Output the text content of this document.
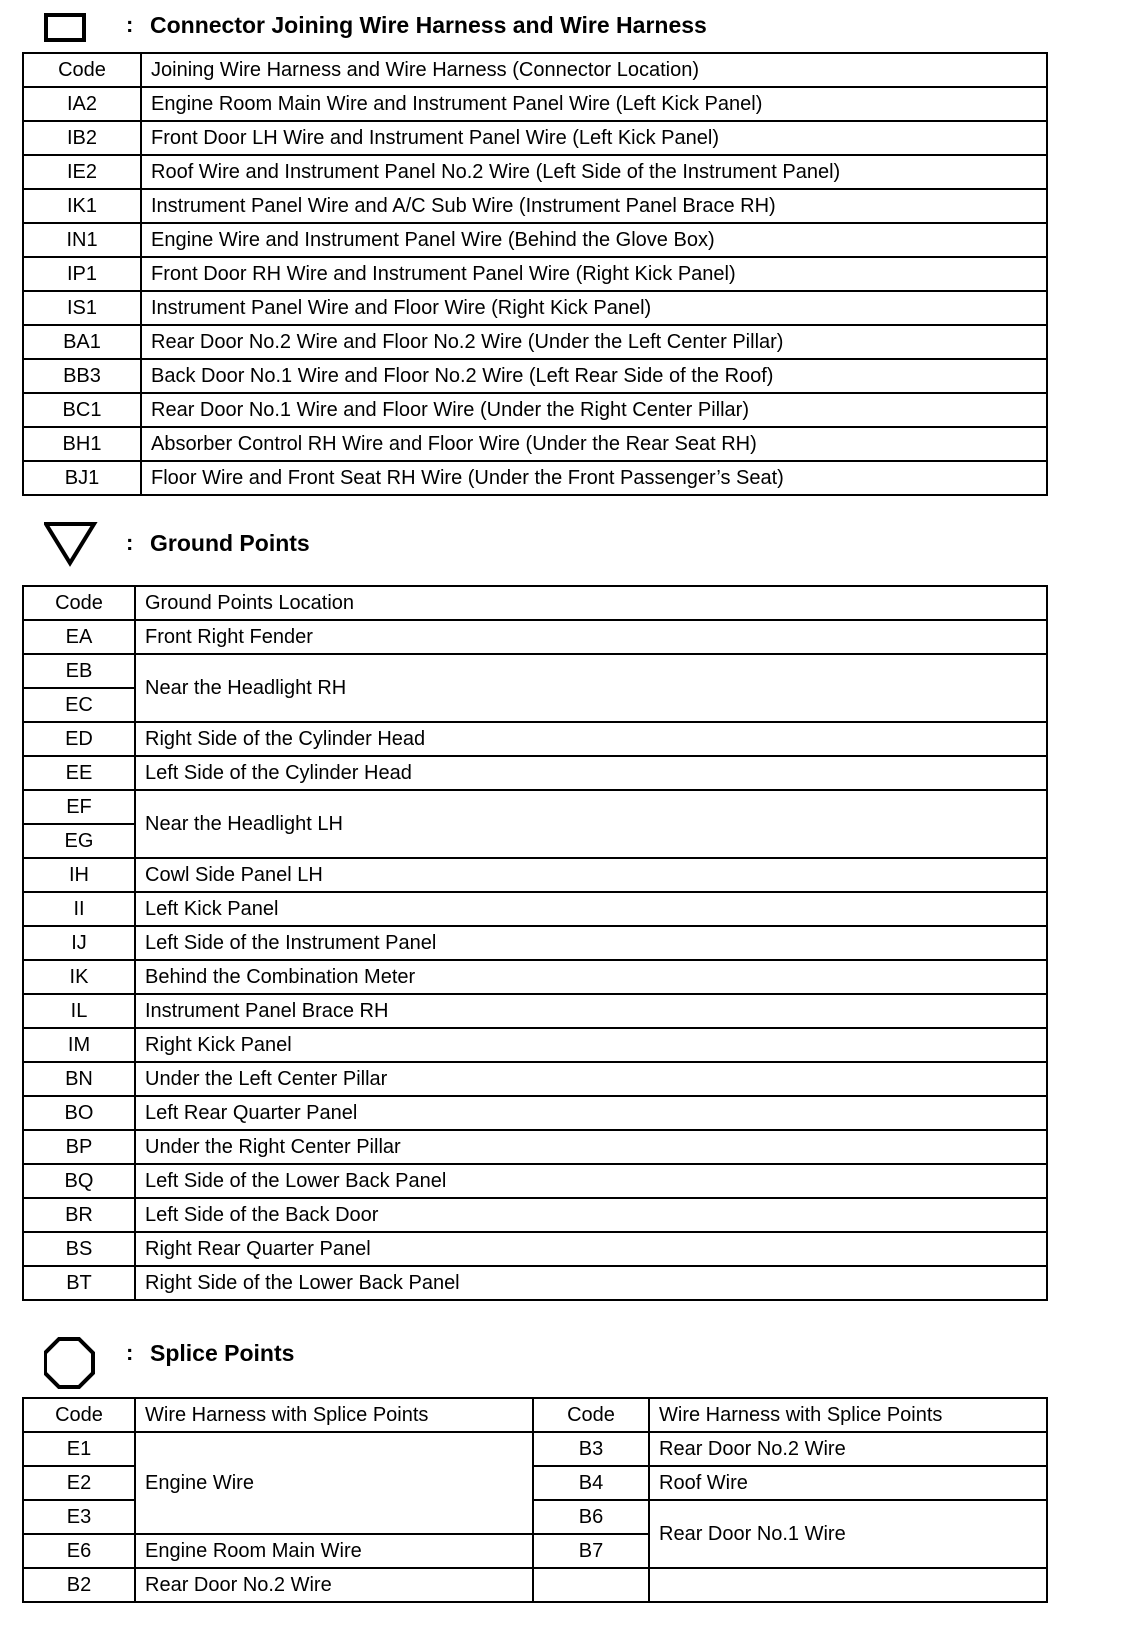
: Connector Joining Wire Harness and Wire Harness
Code	Joining Wire Harness and Wire Harness (Connector Location)
IA2	Engine Room Main Wire and Instrument Panel Wire (Left Kick Panel)
IB2	Front Door LH Wire and Instrument Panel Wire (Left Kick Panel)
IE2	Roof Wire and Instrument Panel No.2 Wire (Left Side of the Instrument Panel)
IK1	Instrument Panel Wire and A/C Sub Wire (Instrument Panel Brace RH)
IN1	Engine Wire and Instrument Panel Wire (Behind the Glove Box)
IP1	Front Door RH Wire and Instrument Panel Wire (Right Kick Panel)
IS1	Instrument Panel Wire and Floor Wire (Right Kick Panel)
BA1	Rear Door No.2 Wire and Floor No.2 Wire (Under the Left Center Pillar)
BB3	Back Door No.1 Wire and Floor No.2 Wire (Left Rear Side of the Roof)
BC1	Rear Door No.1 Wire and Floor Wire (Under the Right Center Pillar)
BH1	Absorber Control RH Wire and Floor Wire (Under the Rear Seat RH)
BJ1	Floor Wire and Front Seat RH Wire (Under the Front Passenger’s Seat)
: Ground Points
Code	Ground Points Location
EA	Front Right Fender
EB	Near the Headlight RH
EC	
ED	Right Side of the Cylinder Head
EE	Left Side of the Cylinder Head
EF	Near the Headlight LH
EG	
IH	Cowl Side Panel LH
II	Left Kick Panel
IJ	Left Side of the Instrument Panel
IK	Behind the Combination Meter
IL	Instrument Panel Brace RH
IM	Right Kick Panel
BN	Under the Left Center Pillar
BO	Left Rear Quarter Panel
BP	Under the Right Center Pillar
BQ	Left Side of the Lower Back Panel
BR	Left Side of the Back Door
BS	Right Rear Quarter Panel
BT	Right Side of the Lower Back Panel
: Splice Points
Code	Wire Harness with Splice Points	Code	Wire Harness with Splice Points
E1	Engine Wire	B3	Rear Door No.2 Wire
E2		B4	Roof Wire
E3		B6	Rear Door No.1 Wire
E6	Engine Room Main Wire	B7	
B2	Rear Door No.2 Wire		
